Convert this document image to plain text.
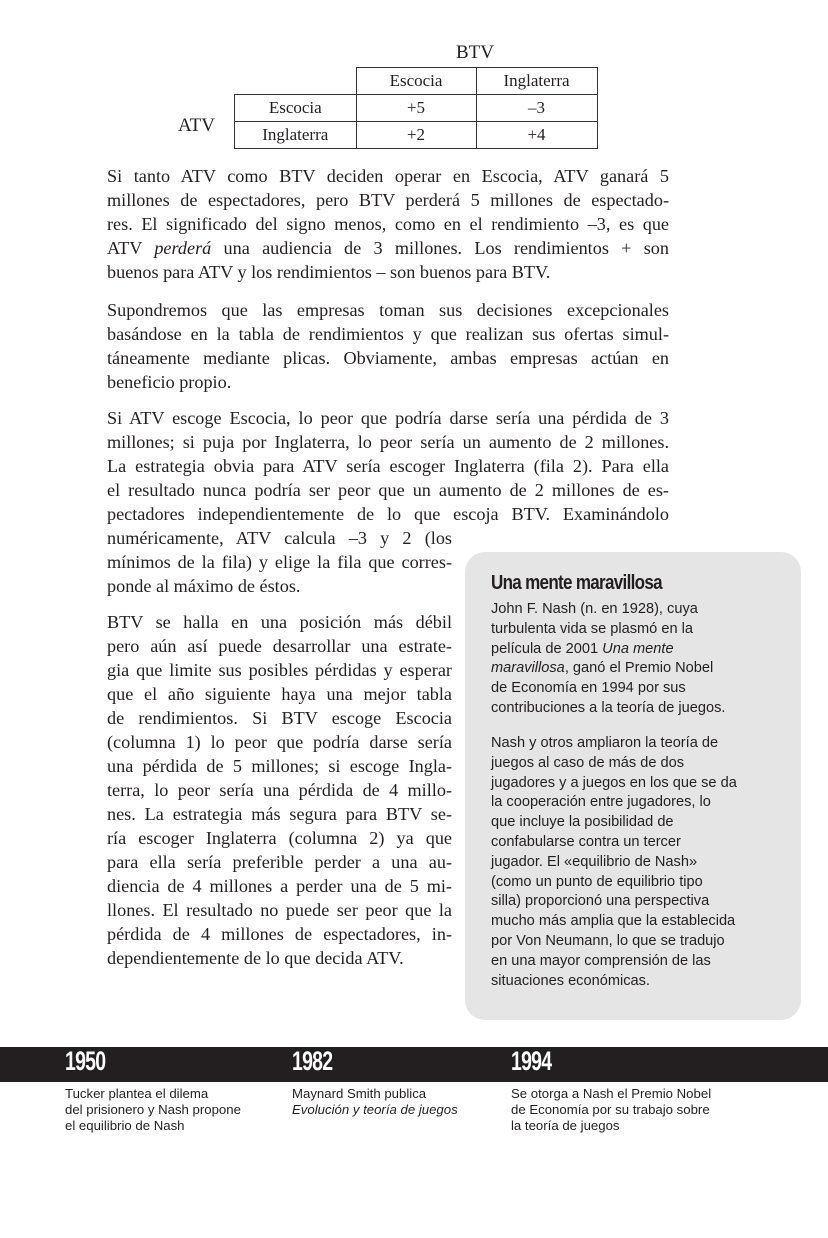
BTV
ATV
	Escocia	Inglaterra
Escocia	+5	–3
Inglaterra	+2	+4
Si tanto ATV como BTV deciden operar en Escocia, ATV ganará 5
millones de espectadores, pero BTV perderá 5 millones de espectado-
res. El significado del signo menos, como en el rendimiento –3, es que
ATV perderá una audiencia de 3 millones. Los rendimientos + son
buenos para ATV y los rendimientos – son buenos para BTV.
Supondremos que las empresas toman sus decisiones excepcionales
basándose en la tabla de rendimientos y que realizan sus ofertas simul-
táneamente mediante plicas. Obviamente, ambas empresas actúan en
beneficio propio.
Si ATV escoge Escocia, lo peor que podría darse sería una pérdida de 3
millones; si puja por Inglaterra, lo peor sería un aumento de 2 millones.
La estrategia obvia para ATV sería escoger Inglaterra (fila 2). Para ella
el resultado nunca podría ser peor que un aumento de 2 millones de es-
pectadores independientemente de lo que escoja BTV. Examinándolo
numéricamente, ATV calcula –3 y 2 (los
mínimos de la fila) y elige la fila que corres-
ponde al máximo de éstos.
BTV se halla en una posición más débil
pero aún así puede desarrollar una estrate-
gia que limite sus posibles pérdidas y esperar
que el año siguiente haya una mejor tabla
de rendimientos. Si BTV escoge Escocia
(columna 1) lo peor que podría darse sería
una pérdida de 5 millones; si escoge Ingla-
terra, lo peor sería una pérdida de 4 millo-
nes. La estrategia más segura para BTV se-
ría escoger Inglaterra (columna 2) ya que
para ella sería preferible perder a una au-
diencia de 4 millones a perder una de 5 mi-
llones. El resultado no puede ser peor que la
pérdida de 4 millones de espectadores, in-
dependientemente de lo que decida ATV.
Una mente maravillosa
John F. Nash (n. en 1928), cuya
turbulenta vida se plasmó en la
película de 2001 Una mente
maravillosa, ganó el Premio Nobel
de Economía en 1994 por sus
contribuciones a la teoría de juegos.
Nash y otros ampliaron la teoría de
juegos al caso de más de dos
jugadores y a juegos en los que se da
la cooperación entre jugadores, lo
que incluye la posibilidad de
confabularse contra un tercer
jugador. El «equilibrio de Nash»
(como un punto de equilibrio tipo
silla) proporcionó una perspectiva
mucho más amplia que la establecida
por Von Neumann, lo que se tradujo
en una mayor comprensión de las
situaciones económicas.
1950	1982	1994
Tucker plantea el dilema
del prisionero y Nash propone
el equilibrio de Nash
Maynard Smith publica
Evolución y teoría de juegos
Se otorga a Nash el Premio Nobel
de Economía por su trabajo sobre
la teoría de juegos
